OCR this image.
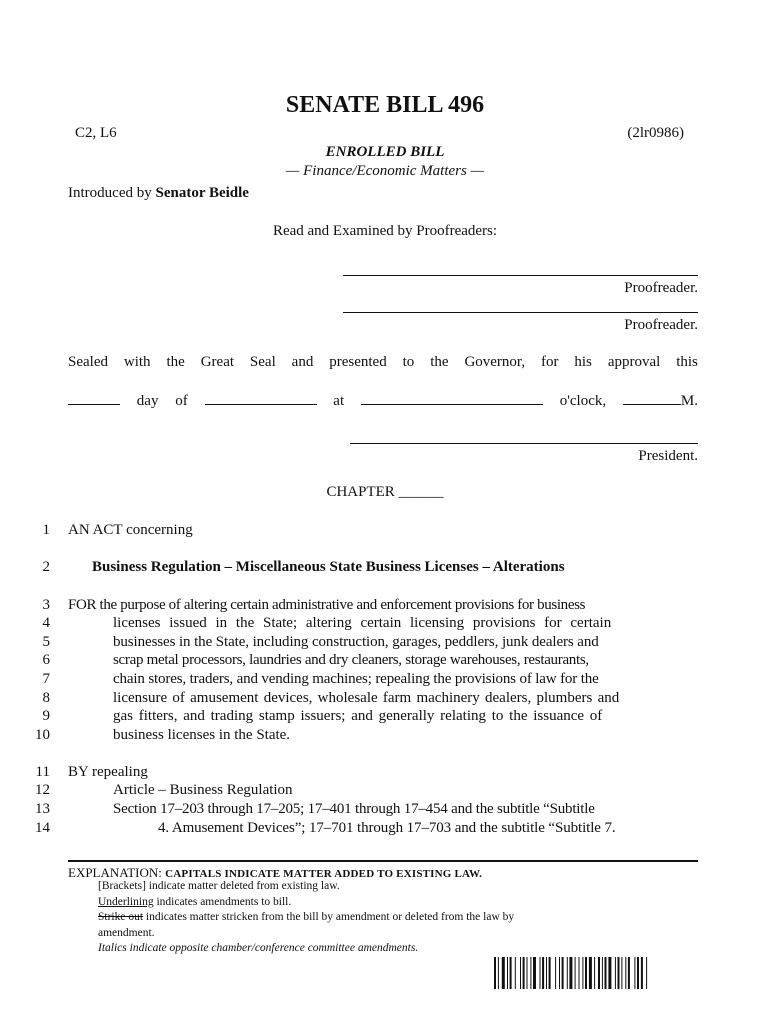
SENATE BILL 496
C2, L6	(2lr0986)
ENROLLED BILL
— Finance/Economic Matters —
Introduced by Senator Beidle
Read and Examined by Proofreaders:
Proofreader.
Proofreader.
Sealed with the Great Seal and presented to the Governor, for his approval this
day of	at	o'clock,	M.
President.
CHAPTER ______
1 AN ACT concerning
2	Business Regulation – Miscellaneous State Business Licenses – Alterations
3 FOR the purpose of altering certain administrative and enforcement provisions for business
4	licenses issued in the State; altering certain licensing provisions for certain
5	businesses in the State, including construction, garages, peddlers, junk dealers and
6	scrap metal processors, laundries and dry cleaners, storage warehouses, restaurants,
7	chain stores, traders, and vending machines; repealing the provisions of law for the
8	licensure of amusement devices, wholesale farm machinery dealers, plumbers and
9	gas fitters, and trading stamp issuers; and generally relating to the issuance of
10	business licenses in the State.
11 BY repealing
12	Article – Business Regulation
13	Section 17–203 through 17–205; 17–401 through 17–454 and the subtitle “Subtitle
14	4. Amusement Devices”; 17–701 through 17–703 and the subtitle “Subtitle 7.
EXPLANATION: CAPITALS INDICATE MATTER ADDED TO EXISTING LAW.
[Brackets] indicate matter deleted from existing law.
Underlining indicates amendments to bill.
Strike out indicates matter stricken from the bill by amendment or deleted from the law by
amendment.
Italics indicate opposite chamber/conference committee amendments.
